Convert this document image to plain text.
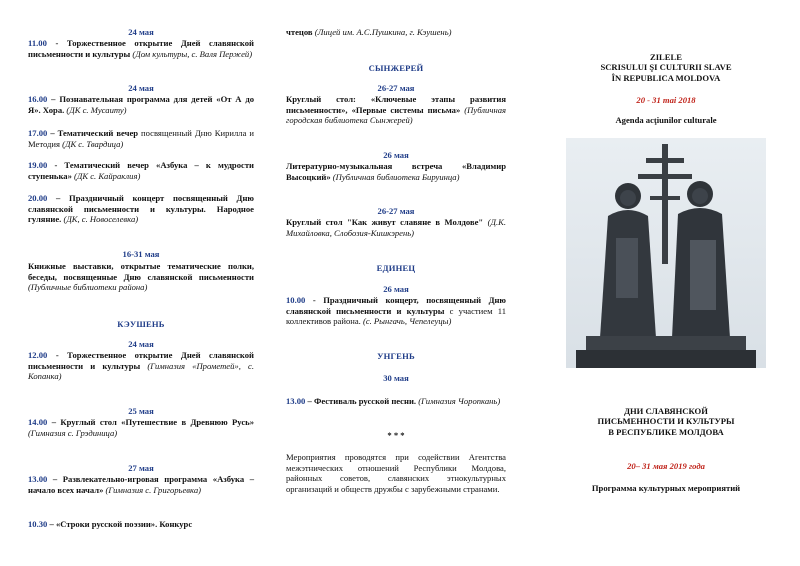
24 мая
11.00 - Торжественное открытие Дней славянской письменности и культуры (Дом культуры, с. Валя Пержей)
24 мая
16.00 – Познавательная программа для детей «От А до Я». Хора. (ДК с. Мусаиту)
17.00 – Тематический вечер посвященный Дню Кирилла и Методия (ДК с. Твардица)
19.00 - Тематический вечер «Азбука – к мудрости ступенька» (ДК с. Кайраклия)
20.00 – Праздничный концерт посвященный Дню славянской письменности и культуры. Народное гуляние. (ДК, с. Новоселевка)
16-31 мая
Книжные выставки, открытые тематические полки, беседы, посвященные Дню славянской письменности (Публичные библиотеки района)
КЭУШЕНЬ
24 мая
12.00 - Торжественное открытие Дней славянской письменности и культуры (Гимназия «Прометей», с. Копанка)
25 мая
14.00 – Круглый стол «Путешествие в Древнюю Русь» (Гимназия с. Грэдиница)
27 мая
13.00 – Развлекательно-игровая программа «Азбука – начало всех начал» (Гимназия с. Григорьевка)
10.30 – «Строки русской поэзии». Конкурс
чтецов (Лицей им. А.С.Пушкина, г. Кэушень)
СЫНЖЕРЕЙ
26-27 мая
Круглый стол: «Ключевые этапы развития письменности», «Первые системы письма» (Публичная городская библиотека Сынжерей)
26 мая
Литературно-музыкальная встреча «Владимир Высоцкий» (Публичная библиотека Бируинца)
26-27 мая
Круглый стол "Как живут славяне в Молдове" (Д.К. Михайловка, Слобозия-Кишкэрень)
ЕДИНЕЦ
26 мая
10.00 - Праздничный концерт, посвященный Дню славянской письменности и культуры с участием 11 коллективов района. (с. Рынгачь, Чепелеуцы)
УНГЕНЬ
30 мая
13.00 – Фестиваль русской песни. (Гимназия Чоропкань)
* * *
Мероприятия проводятся при содействии Агентства межэтнических отношений Республики Молдова, районных советов, славянских этнокультурных организаций и обществ дружбы с зарубежными странами.
ZILELE
SCRISULUI ŞI CULTURII SLAVE
ÎN REPUBLICA MOLDOVA
20 - 31 mai 2018
Agenda acţiunilor culturale
ДНИ СЛАВЯНСКОЙ
ПИСЬМЕННОСТИ И КУЛЬТУРЫ
В РЕСПУБЛИКЕ МОЛДОВА
20– 31 мая 2019 года
Программа культурных мероприятий
